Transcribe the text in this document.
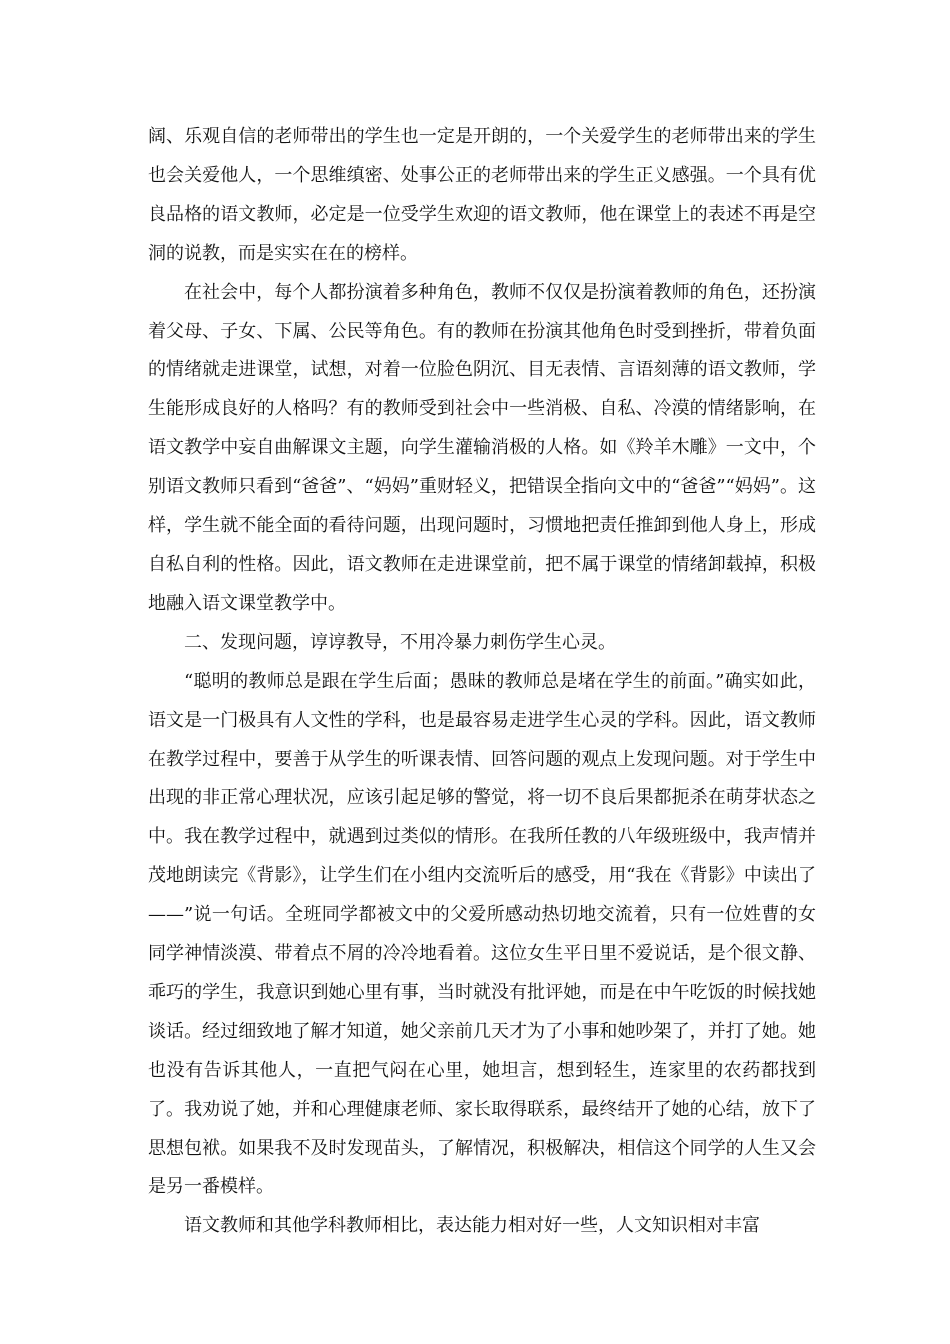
阔、乐观自信的老师带出的学生也一定是开朗的，一个关爱学生的老师带出来的学生也会关爱他人，一个思维缜密、处事公正的老师带出来的学生正义感强。一个具有优良品格的语文教师，必定是一位受学生欢迎的语文教师，他在课堂上的表述不再是空洞的说教，而是实实在在的榜样。

在社会中，每个人都扮演着多种角色，教师不仅仅是扮演着教师的角色，还扮演着父母、子女、下属、公民等角色。有的教师在扮演其他角色时受到挫折，带着负面的情绪就走进课堂，试想，对着一位脸色阴沉、目无表情、言语刻薄的语文教师，学生能形成良好的人格吗？有的教师受到社会中一些消极、自私、冷漠的情绪影响，在语文教学中妄自曲解课文主题，向学生灌输消极的人格。如《羚羊木雕》一文中，个别语文教师只看到“爸爸”、“妈妈”重财轻义，把错误全指向文中的“爸爸”“妈妈”。这样，学生就不能全面的看待问题，出现问题时，习惯地把责任推卸到他人身上，形成自私自利的性格。因此，语文教师在走进课堂前，把不属于课堂的情绪卸载掉，积极地融入语文课堂教学中。

二、发现问题，谆谆教导，不用冷暴力刺伤学生心灵。

“聪明的教师总是跟在学生后面；愚昧的教师总是堵在学生的前面。”确实如此，语文是一门极具有人文性的学科，也是最容易走进学生心灵的学科。因此，语文教师在教学过程中，要善于从学生的听课表情、回答问题的观点上发现问题。对于学生中出现的非正常心理状况，应该引起足够的警觉，将一切不良后果都扼杀在萌芽状态之中。我在教学过程中，就遇到过类似的情形。在我所任教的八年级班级中，我声情并茂地朗读完《背影》，让学生们在小组内交流听后的感受，用“我在《背影》中读出了——”说一句话。全班同学都被文中的父爱所感动热切地交流着，只有一位姓曹的女同学神情淡漠、带着点不屑的冷冷地看着。这位女生平日里不爱说话，是个很文静、乖巧的学生，我意识到她心里有事，当时就没有批评她，而是在中午吃饭的时候找她谈话。经过细致地了解才知道，她父亲前几天才为了小事和她吵架了，并打了她。她也没有告诉其他人，一直把气闷在心里，她坦言，想到轻生，连家里的农药都找到了。我劝说了她，并和心理健康老师、家长取得联系，最终结开了她的心结，放下了思想包袱。如果我不及时发现苗头，了解情况，积极解决，相信这个同学的人生又会是另一番模样。

语文教师和其他学科教师相比，表达能力相对好一些，人文知识相对丰富
